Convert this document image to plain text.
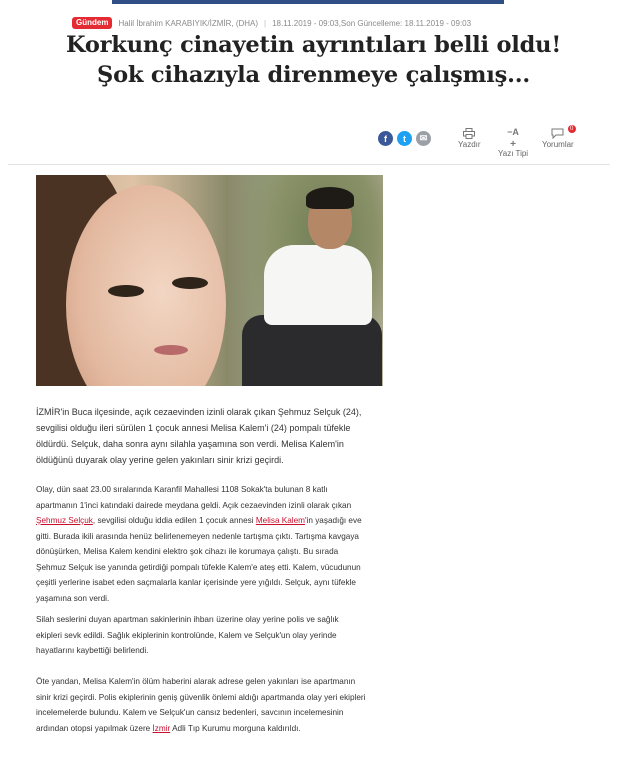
Gündem	Halil İbrahim KARABIYIK/İZMİR, (DHA) | 18.11.2019 - 09:03 ,Son Güncelleme: 18.11.2019 - 09:03
Korkunç cinayetin ayrıntıları belli oldu! Şok cihazıyla direnmeye çalışmış...
f	t	✉
Yazdır
−A
+
Yazı Tipi
0
Yorumlar

İZMİR'in Buca ilçesinde, açık cezaevinden izinli olarak çıkan Şehmuz Selçuk (24), sevgilisi olduğu ileri sürülen 1 çocuk annesi Melisa Kalem'i (24) pompalı tüfekle öldürdü. Selçuk, daha sonra aynı silahla yaşamına son verdi. Melisa Kalem'in öldüğünü duyarak olay yerine gelen yakınları sinir krizi geçirdi.

Olay, dün saat 23.00 sıralarında Karanfil Mahallesi 1108 Sokak'ta bulunan 8 katlı apartmanın 1'inci katındaki dairede meydana geldi. Açık cezaevinden izinli olarak çıkan Şehmuz Selçuk, sevgilisi olduğu iddia edilen 1 çocuk annesi Melisa Kalem'in yaşadığı eve gitti. Burada ikili arasında henüz belirlenemeyen nedenle tartışma çıktı. Tartışma kavgaya dönüşürken, Melisa Kalem kendini elektro şok cihazı ile korumaya çalıştı. Bu sırada Şehmuz Selçuk ise yanında getirdiği pompalı tüfekle Kalem'e ateş etti. Kalem, vücudunun çeşitli yerlerine isabet eden saçmalarla kanlar içerisinde yere yığıldı. Selçuk, aynı tüfekle yaşamına son verdi.

Silah seslerini duyan apartman sakinlerinin ihbarı üzerine olay yerine polis ve sağlık ekipleri sevk edildi. Sağlık ekiplerinin kontrolünde, Kalem ve Selçuk'un olay yerinde hayatlarını kaybettiği belirlendi.

Öte yandan, Melisa Kalem'in ölüm haberini alarak adrese gelen yakınları ise apartmanın sinir krizi geçirdi. Polis ekiplerinin geniş güvenlik önlemi aldığı apartmanda olay yeri ekipleri incelemelerde bulundu. Kalem ve Selçuk'un cansız bedenleri, savcının incelemesinin ardından otopsi yapılmak üzere İzmir Adli Tıp Kurumu morguna kaldırıldı.
